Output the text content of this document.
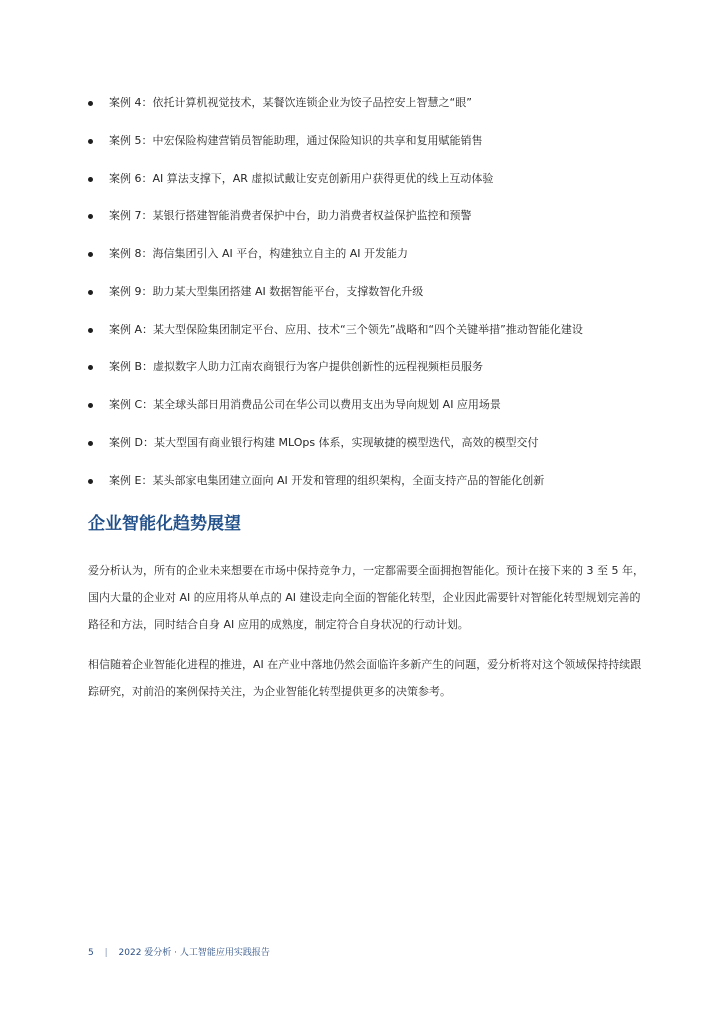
案例 4：依托计算机视觉技术，某餐饮连锁企业为饺子品控安上智慧之“眼”
案例 5：中宏保险构建营销员智能助理，通过保险知识的共享和复用赋能销售
案例 6：AI 算法支撑下，AR 虚拟试戴让安克创新用户获得更优的线上互动体验
案例 7：某银行搭建智能消费者保护中台，助力消费者权益保护监控和预警
案例 8：海信集团引入 AI 平台，构建独立自主的 AI 开发能力
案例 9：助力某大型集团搭建 AI 数据智能平台，支撑数智化升级
案例 A：某大型保险集团制定平台、应用、技术“三个领先”战略和“四个关键举措”推动智能化建设
案例 B：虚拟数字人助力江南农商银行为客户提供创新性的远程视频柜员服务
案例 C：某全球头部日用消费品公司在华公司以费用支出为导向规划 AI 应用场景
案例 D：某大型国有商业银行构建 MLOps 体系，实现敏捷的模型迭代，高效的模型交付
案例 E：某头部家电集团建立面向 AI 开发和管理的组织架构，全面支持产品的智能化创新
企业智能化趋势展望

爱分析认为，所有的企业未来想要在市场中保持竞争力，一定都需要全面拥抱智能化。预计在接下来的 3 至 5 年，
国内大量的企业对 AI 的应用将从单点的 AI 建设走向全面的智能化转型，企业因此需要针对智能化转型规划完善的
路径和方法，同时结合自身 AI 应用的成熟度，制定符合自身状况的行动计划。

相信随着企业智能化进程的推进，AI 在产业中落地仍然会面临许多新产生的问题，爱分析将对这个领域保持持续跟
踪研究，对前沿的案例保持关注，为企业智能化转型提供更多的决策参考。

5 | 2022 爱分析 · 人工智能应用实践报告
